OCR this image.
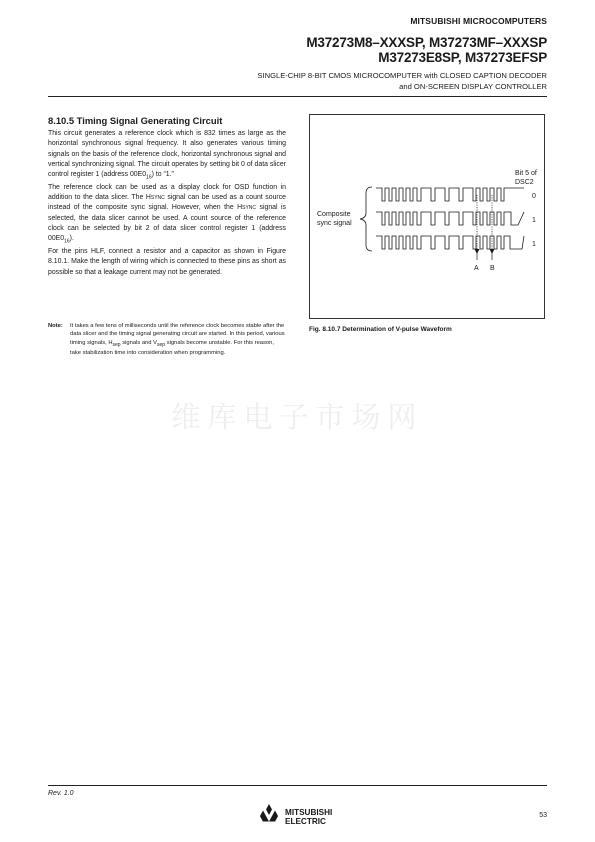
MITSUBISHI MICROCOMPUTERS
M37273M8–XXXSP, M37273MF–XXXSP
M37273E8SP, M37273EFSP
SINGLE-CHIP 8-BIT CMOS MICROCOMPUTER with CLOSED CAPTION DECODER
and ON-SCREEN DISPLAY CONTROLLER
8.10.5 Timing Signal Generating Circuit

This circuit generates a reference clock which is 832 times as large as the horizontal synchronous signal frequency. It also generates various timing signals on the basis of the reference clock, horizontal synchronous signal and vertical synchronizing signal. The circuit operates by setting bit 0 of data slicer control register 1 (address $00E0_{16}$) to “1.”

The reference clock can be used as a display clock for OSD function in addition to the data slicer. The HSYNC signal can be used as a count source instead of the composite sync signal. However, when the HSYNC signal is selected, the data slicer cannot be used. A count source of the reference clock can be selected by bit 2 of data slicer control register 1 (address $00E0_{16}$).

For the pins HLF, connect a resistor and a capacitor as shown in Figure 8.10.1. Make the length of wiring which is connected to these pins as short as possible so that a leakage current may not be generated.

Note: It takes a few tens of milliseconds until the reference clock becomes stable after the data slicer and the timing signal generating circuit are started. In this period, various timing signals, $H_{sep}$ signals and $V_{sep}$ signals become unstable. For this reason, take stabilization time into consideration when programming.
Bit 5 of
DSC2
Composite
sync signal
0
1
1
A B
Fig. 8.10.7 Determination of V-pulse Waveform
维库电子市场网
Rev. 1.0
MITSUBISHI
ELECTRIC
53
